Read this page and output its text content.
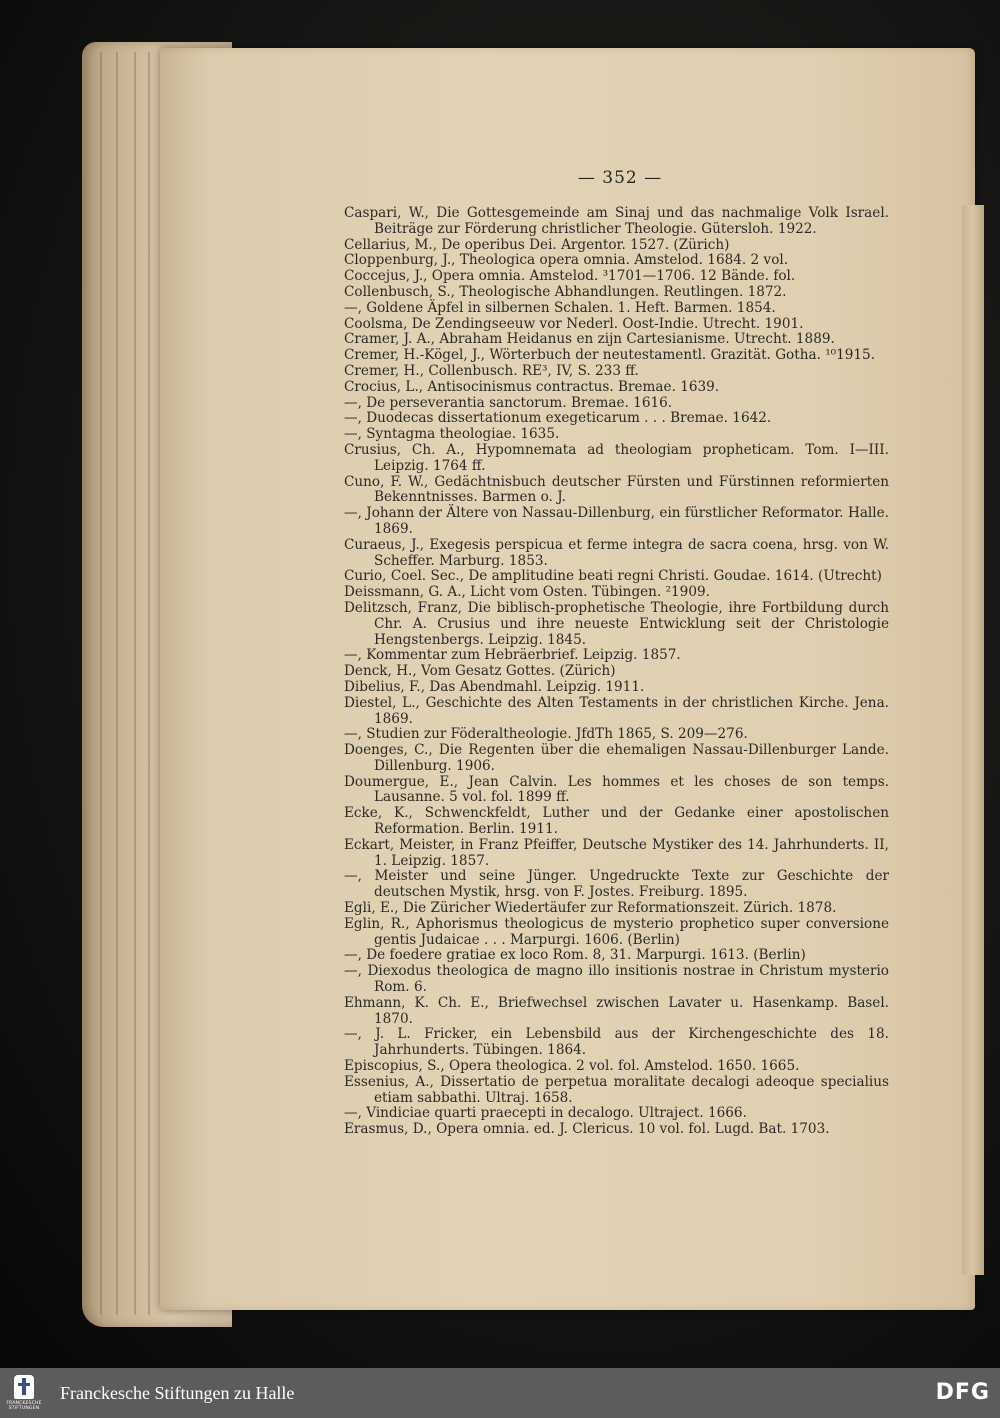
— 352 —
Caspari, W., Die Gottesgemeinde am Sinaj und das nachmalige Volk Israel. Beiträge zur Förderung christlicher Theologie. Gütersloh. 1922.
Cellarius, M., De operibus Dei. Argentor. 1527. (Zürich)
Cloppenburg, J., Theologica opera omnia. Amstelod. 1684. 2 vol.
Coccejus, J., Opera omnia. Amstelod. ³1701—1706. 12 Bände. fol.
Collenbusch, S., Theologische Abhandlungen. Reutlingen. 1872.
—, Goldene Äpfel in silbernen Schalen. 1. Heft. Barmen. 1854.
Coolsma, De Zendingseeuw vor Nederl. Oost-Indie. Utrecht. 1901.
Cramer, J. A., Abraham Heidanus en zijn Cartesianisme. Utrecht. 1889.
Cremer, H.-Kögel, J., Wörterbuch der neutestamentl. Grazität. Gotha. ¹⁰1915.
Cremer, H., Collenbusch. RE³, IV, S. 233 ff.
Crocius, L., Antisocinismus contractus. Bremae. 1639.
—, De perseverantia sanctorum. Bremae. 1616.
—, Duodecas dissertationum exegeticarum . . . Bremae. 1642.
—, Syntagma theologiae. 1635.
Crusius, Ch. A., Hypomnemata ad theologiam propheticam. Tom. I—III. Leipzig. 1764 ff.
Cuno, F. W., Gedächtnisbuch deutscher Fürsten und Fürstinnen reformierten Bekenntnisses. Barmen o. J.
—, Johann der Ältere von Nassau-Dillenburg, ein fürstlicher Reformator. Halle. 1869.
Curaeus, J., Exegesis perspicua et ferme integra de sacra coena, hrsg. von W. Scheffer. Marburg. 1853.
Curio, Coel. Sec., De amplitudine beati regni Christi. Goudae. 1614. (Utrecht)
Deissmann, G. A., Licht vom Osten. Tübingen. ²1909.
Delitzsch, Franz, Die biblisch-prophetische Theologie, ihre Fortbildung durch Chr. A. Crusius und ihre neueste Entwicklung seit der Christologie Hengstenbergs. Leipzig. 1845.
—, Kommentar zum Hebräerbrief. Leipzig. 1857.
Denck, H., Vom Gesatz Gottes. (Zürich)
Dibelius, F., Das Abendmahl. Leipzig. 1911.
Diestel, L., Geschichte des Alten Testaments in der christlichen Kirche. Jena. 1869.
—, Studien zur Föderaltheologie. JfdTh 1865, S. 209—276.
Doenges, C., Die Regenten über die ehemaligen Nassau-Dillenburger Lande. Dillenburg. 1906.
Doumergue, E., Jean Calvin. Les hommes et les choses de son temps. Lausanne. 5 vol. fol. 1899 ff.
Ecke, K., Schwenckfeldt, Luther und der Gedanke einer apostolischen Reformation. Berlin. 1911.
Eckart, Meister, in Franz Pfeiffer, Deutsche Mystiker des 14. Jahrhunderts. II, 1. Leipzig. 1857.
—, Meister und seine Jünger. Ungedruckte Texte zur Geschichte der deutschen Mystik, hrsg. von F. Jostes. Freiburg. 1895.
Egli, E., Die Züricher Wiedertäufer zur Reformationszeit. Zürich. 1878.
Eglin, R., Aphorismus theologicus de mysterio prophetico super conversione gentis Judaicae . . . Marpurgi. 1606. (Berlin)
—, De foedere gratiae ex loco Rom. 8, 31. Marpurgi. 1613. (Berlin)
—, Diexodus theologica de magno illo insitionis nostrae in Christum mysterio Rom. 6.
Ehmann, K. Ch. E., Briefwechsel zwischen Lavater u. Hasenkamp. Basel. 1870.
—, J. L. Fricker, ein Lebensbild aus der Kirchengeschichte des 18. Jahrhunderts. Tübingen. 1864.
Episcopius, S., Opera theologica. 2 vol. fol. Amstelod. 1650. 1665.
Essenius, A., Dissertatio de perpetua moralitate decalogi adeoque specialius etiam sabbathi. Ultraj. 1658.
—, Vindiciae quarti praecepti in decalogo. Ultraject. 1666.
Erasmus, D., Opera omnia. ed. J. Clericus. 10 vol. fol. Lugd. Bat. 1703.
FRANCKESCHE STIFTUNGEN
Franckesche Stiftungen zu Halle	DFG
